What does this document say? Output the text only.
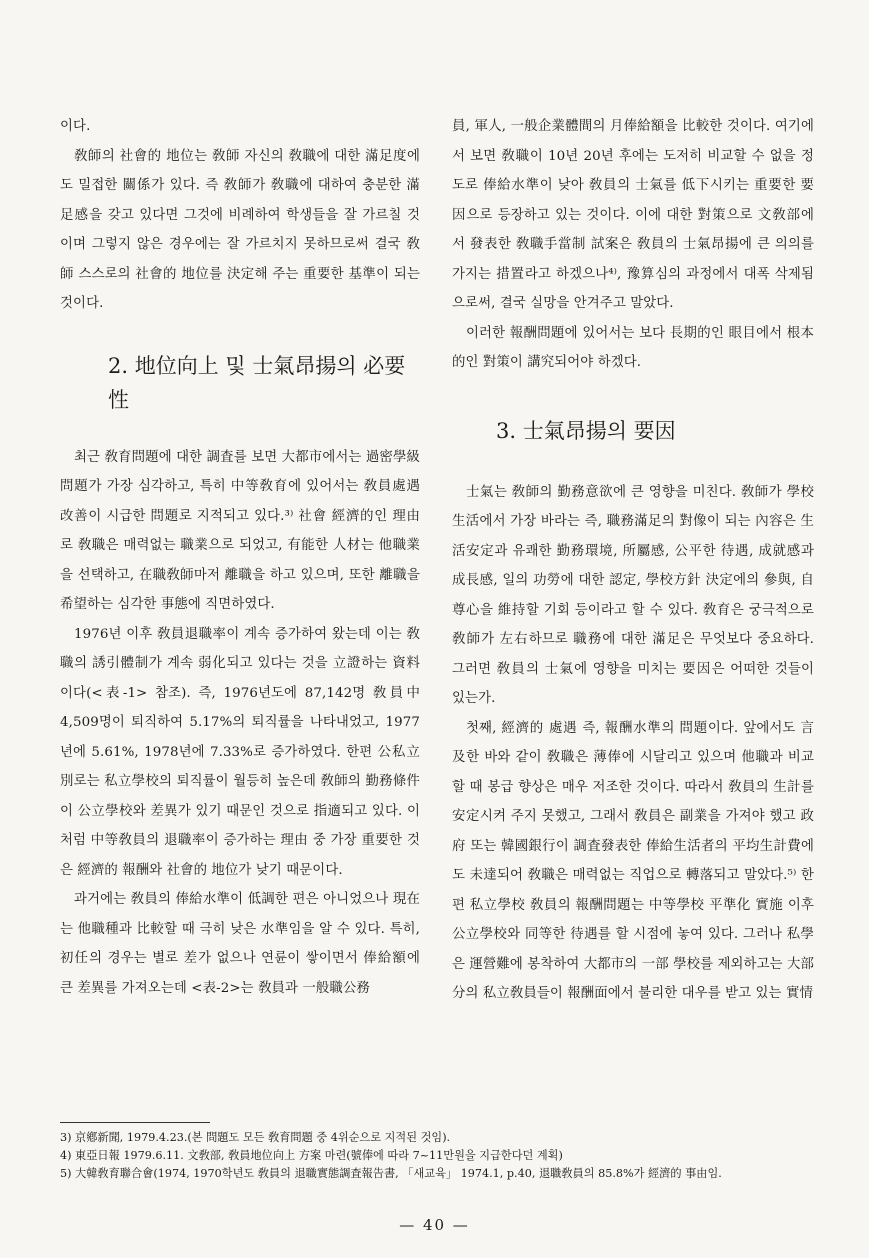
이다.

敎師의 社會的 地位는 敎師 자신의 敎職에 대한 滿足度에도 밀접한 關係가 있다. 즉 敎師가 敎職에 대하여 충분한 滿足感을 갖고 있다면 그것에 비례하여 학생들을 잘 가르칠 것이며 그렇지 않은 경우에는 잘 가르치지 못하므로써 결국 敎師 스스로의 社會的 地位를 決定해 주는 重要한 基準이 되는 것이다.

2. 地位向上 및 士氣昂揚의 必要性

최근 敎育問題에 대한 調査를 보면 大都市에서는 過密學級 問題가 가장 심각하고, 특히 中等敎育에 있어서는 敎員處遇改善이 시급한 問題로 지적되고 있다.³⁾ 社會 經濟的인 理由로 敎職은 매력없는 職業으로 되었고, 有能한 人材는 他職業을 선택하고, 在職敎師마저 離職을 하고 있으며, 또한 離職을 希望하는 심각한 事態에 직면하였다.

1976년 이후 敎員退職率이 계속 증가하여 왔는데 이는 敎職의 誘引體制가 계속 弱化되고 있다는 것을 立證하는 資料이다(<表-1> 참조). 즉, 1976년도에 87,142명 敎員中 4,509명이 퇴직하여 5.17%의 퇴직률을 나타내었고, 1977년에 5.61%, 1978년에 7.33%로 증가하였다. 한편 公私立別로는 私立學校의 퇴직률이 월등히 높은데 敎師의 勤務條件이 公立學校와 差異가 있기 때문인 것으로 指適되고 있다. 이처럼 中等敎員의 退職率이 증가하는 理由 중 가장 重要한 것은 經濟的 報酬와 社會的 地位가 낮기 때문이다.

과거에는 敎員의 俸給水準이 低調한 편은 아니었으나 現在는 他職種과 比較할 때 극히 낮은 水準임을 알 수 있다. 특히, 初任의 경우는 별로 差가 없으나 연륜이 쌓이면서 俸給額에 큰 差異를 가져오는데 <表-2>는 敎員과 一般職公務

員, 軍人, 一般企業體間의 月俸給額을 比較한 것이다. 여기에서 보면 敎職이 10년 20년 후에는 도저히 비교할 수 없을 정도로 俸給水準이 낮아 敎員의 士氣를 低下시키는 重要한 要因으로 등장하고 있는 것이다. 이에 대한 對策으로 文敎部에서 發表한 敎職手當制 試案은 敎員의 士氣昂揚에 큰 의의를 가지는 措置라고 하겠으나⁴⁾, 豫算심의 과정에서 대폭 삭제됨으로써, 결국 실망을 안겨주고 말았다.

이러한 報酬問題에 있어서는 보다 長期的인 眼目에서 根本的인 對策이 講究되어야 하겠다.

3. 士氣昂揚의 要因

士氣는 敎師의 勤務意欲에 큰 영향을 미친다. 敎師가 學校生活에서 가장 바라는 즉, 職務滿足의 對像이 되는 內容은 生活安定과 유쾌한 勤務環境, 所屬感, 公平한 待遇, 成就感과 成長感, 일의 功勞에 대한 認定, 學校方針 決定에의 參與, 自尊心을 維持할 기회 등이라고 할 수 있다. 敎育은 궁극적으로 敎師가 左右하므로 職務에 대한 滿足은 무엇보다 중요하다. 그러면 敎員의 士氣에 영향을 미치는 要因은 어떠한 것들이 있는가.

첫째, 經濟的 處遇 즉, 報酬水準의 問題이다. 앞에서도 言及한 바와 같이 敎職은 薄俸에 시달리고 있으며 他職과 비교할 때 봉급 향상은 매우 저조한 것이다. 따라서 敎員의 生計를 安定시켜 주지 못했고, 그래서 敎員은 副業을 가져야 했고 政府 또는 韓國銀行이 調査發表한 俸給生活者의 平均生計費에도 未達되어 敎職은 매력없는 직업으로 轉落되고 말았다.⁵⁾ 한편 私立學校 敎員의 報酬問題는 中等學校 平準化 實施 이후 公立學校와 同等한 待遇를 할 시점에 놓여 있다. 그러나 私學은 運營難에 봉착하여 大都市의 一部 學校를 제외하고는 大部分의 私立敎員들이 報酬面에서 불리한 대우를 받고 있는 實情

3) 京鄕新聞, 1979.4.23.(본 問題도 모든 敎育問題 중 4위순으로 지적된 것임).

4) 東亞日報 1979.6.11. 文敎部, 敎員地位向上 方案 마련(號俸에 따라 7~11만원을 지급한다던 계획)

5) 大韓敎育聯合會(1974, 1970학년도 敎員의 退職實態調査報告書, 「새교육」 1974.1, p.40, 退職敎員의 85.8%가 經濟的 事由임.

— 40 —
